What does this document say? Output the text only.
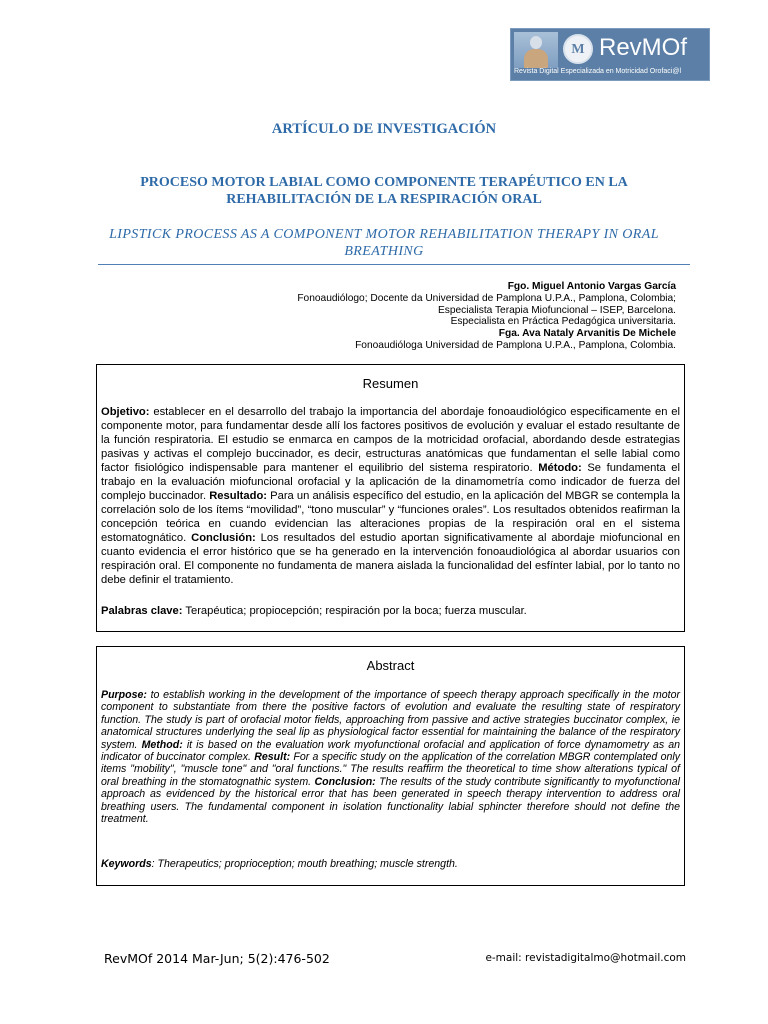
M RevMOf
Revista Digital Especializada en Motricidad Orofaci@l
ARTÍCULO DE INVESTIGACIÓN
PROCESO MOTOR LABIAL COMO COMPONENTE TERAPÉUTICO EN LA REHABILITACIÓN DE LA RESPIRACIÓN ORAL
LIPSTICK PROCESS AS A COMPONENT MOTOR REHABILITATION THERAPY IN ORAL BREATHING
Fgo. Miguel Antonio Vargas García
Fonoaudiólogo; Docente da Universidad de Pamplona U.P.A., Pamplona, Colombia;
Especialista Terapia Miofuncional – ISEP, Barcelona.
Especialista en Práctica Pedagógica universitaria.
Fga. Ava Nataly Arvanitis De Michele
Fonoaudióloga Universidad de Pamplona U.P.A., Pamplona, Colombia.
Resumen
Objetivo: establecer en el desarrollo del trabajo la importancia del abordaje fonoaudiológico especificamente en el componente motor, para fundamentar desde allí los factores positivos de evolución y evaluar el estado resultante de la función respiratoria. El estudio se enmarca en campos de la motricidad orofacial, abordando desde estrategias pasivas y activas el complejo buccinador, es decir, estructuras anatómicas que fundamentan el selle labial como factor fisiológico indispensable para mantener el equilibrio del sistema respiratorio. Método: Se fundamenta el trabajo en la evaluación miofuncional orofacial y la aplicación de la dinamometría como indicador de fuerza del complejo buccinador. Resultado: Para un análisis específico del estudio, en la aplicación del MBGR se contempla la correlación solo de los ítems “movilidad”, “tono muscular” y “funciones orales”. Los resultados obtenidos reafirman la concepción teórica en cuando evidencian las alteraciones propias de la respiración oral en el sistema estomatognático. Conclusión: Los resultados del estudio aportan significativamente al abordaje miofuncional en cuanto evidencia el error histórico que se ha generado en la intervención fonoaudiológica al abordar usuarios con respiración oral. El componente no fundamenta de manera aislada la funcionalidad del esfínter labial, por lo tanto no debe definir el tratamiento.
Palabras clave: Terapéutica; propiocepción; respiración por la boca; fuerza muscular.
Abstract
Purpose: to establish working in the development of the importance of speech therapy approach specifically in the motor component to substantiate from there the positive factors of evolution and evaluate the resulting state of respiratory function. The study is part of orofacial motor fields, approaching from passive and active strategies buccinator complex, ie anatomical structures underlying the seal lip as physiological factor essential for maintaining the balance of the respiratory system. Method: it is based on the evaluation work myofunctional orofacial and application of force dynamometry as an indicator of buccinator complex. Result: For a specific study on the application of the correlation MBGR contemplated only items "mobility", "muscle tone" and "oral functions." The results reaffirm the theoretical to time show alterations typical of oral breathing in the stomatognathic system. Conclusion: The results of the study contribute significantly to myofunctional approach as evidenced by the historical error that has been generated in speech therapy intervention to address oral breathing users. The fundamental component in isolation functionality labial sphincter therefore should not define the treatment.
Keywords: Therapeutics; proprioception; mouth breathing; muscle strength.
RevMOf 2014 Mar-Jun; 5(2):476-502	e-mail: revistadigitalmo@hotmail.com
